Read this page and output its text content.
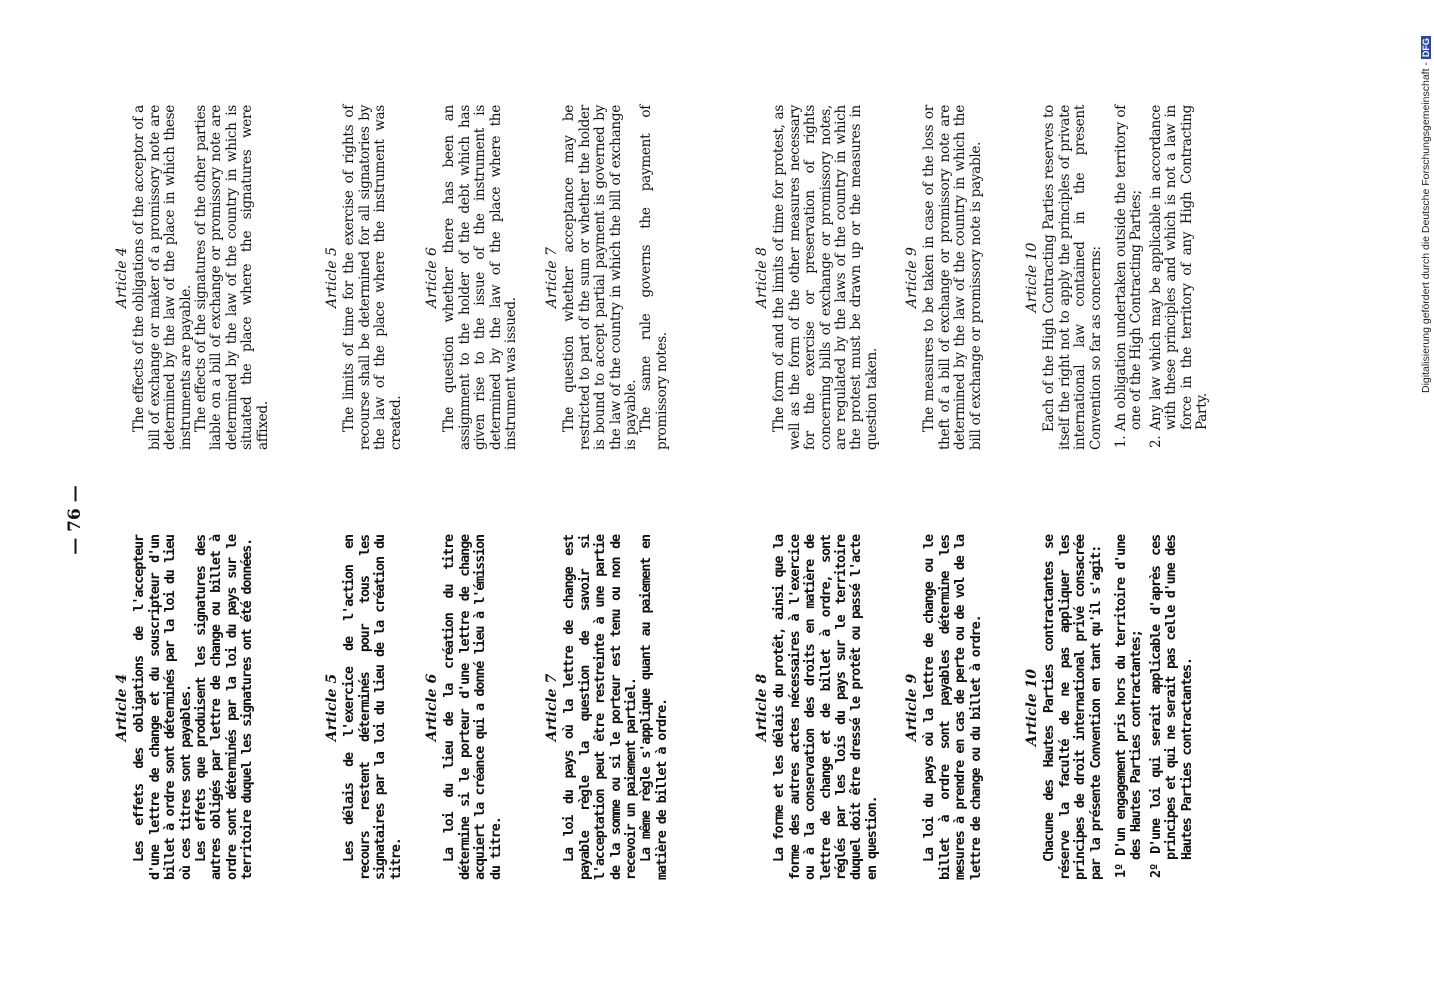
— 76 —
Article 4 The effects of the obligations of the acceptor of a bill of exchange or maker of a promissory note are determined by the law of the place in which these instruments are payable. The effects of the signatures of the other parties liable on a bill of exchange or promissory note are determined by the law of the country in which is situated the place where the signatures were affixed.

Article 5 The limits of time for the exercise of rights of recourse shall be determined for all signatories by the law of the place where the instrument was created.

Article 6 The question whether there has been an assignment to the holder of the debt which has given rise to the issue of the instrument is determined by the law of the place where the instrument was issued.

Article 7 The question whether acceptance may be restricted to part of the sum or whether the holder is bound to accept partial payment is governed by the law of the country in which the bill of exchange is payable. The same rule governs the payment of promissory notes.

Article 8 The form of and the limits of time for protest, as well as the form of the other measures necessary for the exercise or preservation of rights concerning bills of exchange or promissory notes, are regulated by the laws of the country in which the protest must be drawn up or the measures in question taken.

Article 9 The measures to be taken in case of the loss or theft of a bill of exchange or promissory note are determined by the law of the country in which the bill of exchange or promissory note is payable.	Article 10 Each of the High Contracting Parties reserves to itself the right not to apply the principles of private international law contained in the present Convention so far as concerns: 1. An obligation undertaken outside the territory of one of the High Contracting Parties; 2. Any law which may be applicable in accordance with these principles and which is not a law in force in the territory of any High Contracting Party.

Article 4 Les effets des obligations de l'accepteur d'une lettre de change et du souscripteur d'un billet à ordre sont déterminés par la loi du lieu où ces titres sont payables. Les effets que produisent les signatures des autres obligés par lettre de change ou billet à ordre sont déterminés par la loi du pays sur le territoire duquel les signatures ont été données.	Article 5 Les délais de l'exercice de l'action en recours restent déterminés pour tous les signataires par la loi du lieu de la création du titre.

Article 6 La loi du lieu de la création du titre détermine si le porteur d'une lettre de change acquiert la créance qui a donné lieu à l'émission du titre.

Article 7 La loi du pays où la lettre de change est payable règle la question de savoir si l'acceptation peut être restreinte à une partie de la somme ou si le porteur est tenu ou non de recevoir un paiement partiel. La même règle s'applique quant au paiement en matière de billet à ordre.	Article 8 La forme et les délais du protêt, ainsi que la forme des autres actes nécessaires à l'exercice ou à la conservation des droits en matière de lettre de change et de billet à ordre, sont réglés par les lois du pays sur le territoire duquel doit être dressé le protêt ou passé l'acte en question.

Article 9 La loi du pays où la lettre de change ou le billet à ordre sont payables détermine les mesures à prendre en cas de perte ou de vol de la lettre de change ou du billet à ordre.	Article 10 Chacune des Hautes Parties contractantes se réserve la faculté de ne pas appliquer les principes de droit international privé consacrée par la présente Convention en tant qu'il s'agit: 1º D'un engagement pris hors du territoire d'une des Hautes Parties contractantes; 2º D'une loi qui serait applicable d'après ces principes et qui ne serait pas celle d'une des Hautes Parties contractantes.

Digitalisierung gefördert durch die Deutsche Forschungsgemeinschaft -DFG
